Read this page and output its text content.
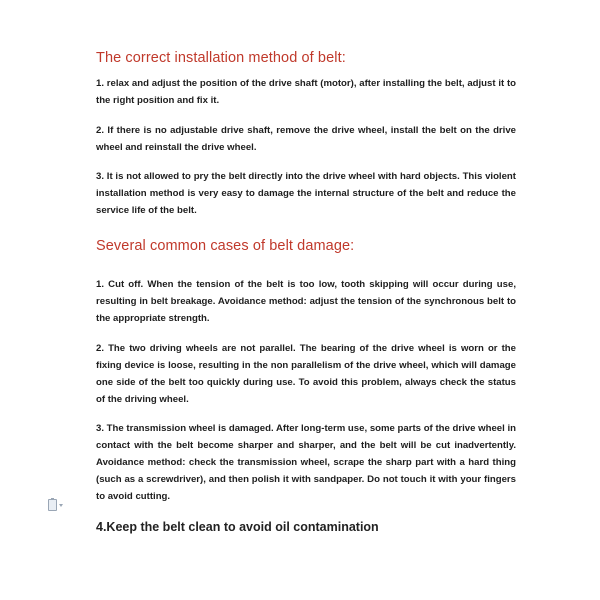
The correct installation method of belt:
1. relax and adjust the position of the drive shaft (motor), after installing the belt, adjust it to the right position and fix it.
2. If there is no adjustable drive shaft, remove the drive wheel, install the belt on the drive wheel and reinstall the drive wheel.
3. It is not allowed to pry the belt directly into the drive wheel with hard objects. This violent installation method is very easy to damage the internal structure of the belt and reduce the service life of the belt.
Several common cases of belt damage:
1. Cut off. When the tension of the belt is too low, tooth skipping will occur during use, resulting in belt breakage. Avoidance method: adjust the tension of the synchronous belt to the appropriate strength.
2. The two driving wheels are not parallel. The bearing of the drive wheel is worn or the fixing device is loose, resulting in the non parallelism of the drive wheel, which will damage one side of the belt too quickly during use. To avoid this problem, always check the status of the driving wheel.
3. The transmission wheel is damaged. After long-term use, some parts of the drive wheel in contact with the belt become sharper and sharper, and the belt will be cut inadvertently. Avoidance method: check the transmission wheel, scrape the sharp part with a hard thing (such as a screwdriver), and then polish it with sandpaper. Do not touch it with your fingers to avoid cutting.
4.Keep the belt clean to avoid oil contamination
